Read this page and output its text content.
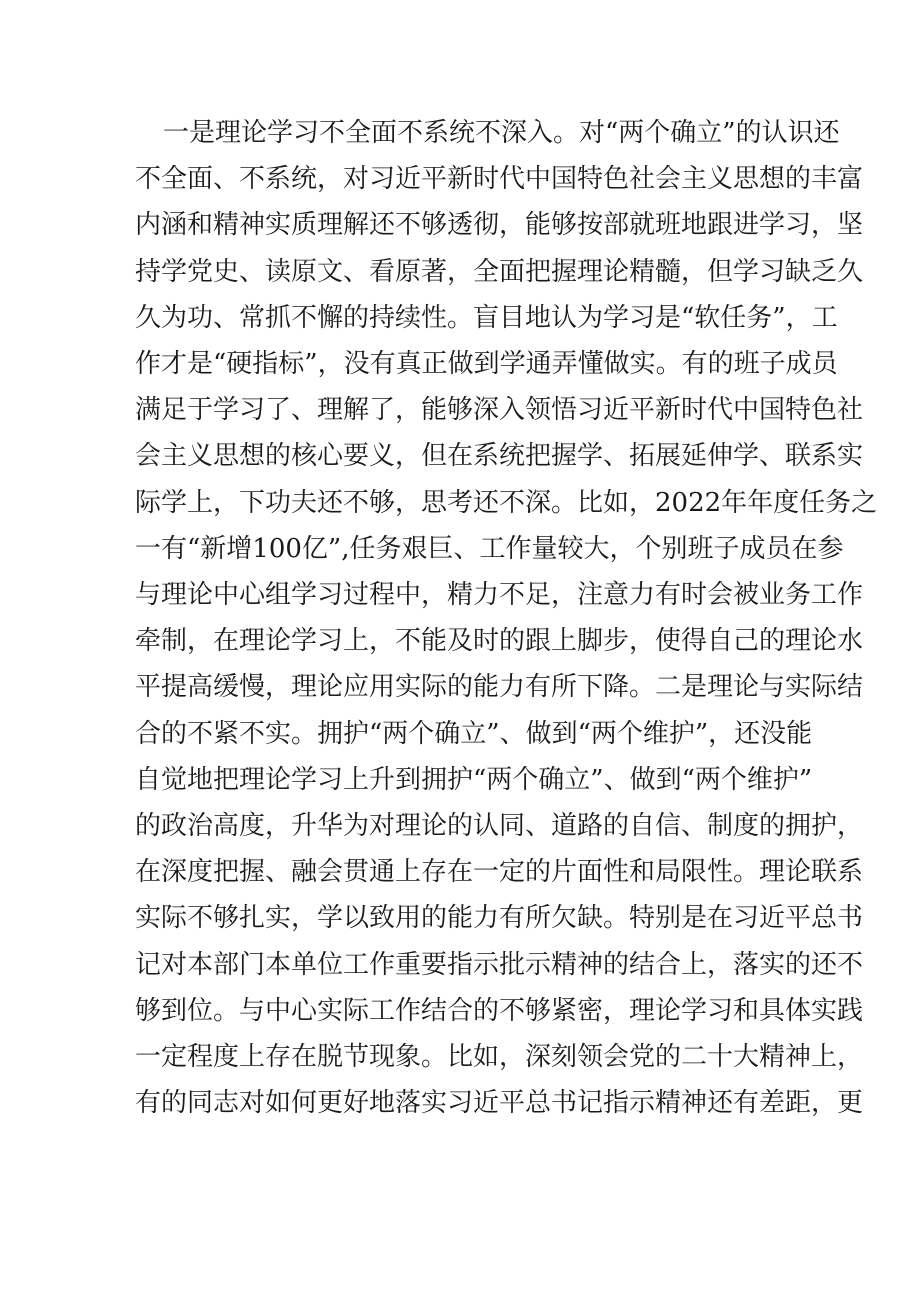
一是理论学习不全面不系统不深入。对“两个确立”的认识还
不全面、不系统，对习近平新时代中国特色社会主义思想的丰富
内涵和精神实质理解还不够透彻，能够按部就班地跟进学习，坚
持学党史、读原文、看原著，全面把握理论精髓，但学习缺乏久
久为功、常抓不懈的持续性。盲目地认为学习是“软任务”，工
作才是“硬指标”，没有真正做到学通弄懂做实。有的班子成员
满足于学习了、理解了，能够深入领悟习近平新时代中国特色社
会主义思想的核心要义，但在系统把握学、拓展延伸学、联系实
际学上，下功夫还不够，思考还不深。比如，2022年年度任务之
一有“新增100亿”,任务艰巨、工作量较大，个别班子成员在参
与理论中心组学习过程中，精力不足，注意力有时会被业务工作
牵制，在理论学习上，不能及时的跟上脚步，使得自己的理论水
平提高缓慢，理论应用实际的能力有所下降。二是理论与实际结
合的不紧不实。拥护“两个确立”、做到“两个维护”，还没能
自觉地把理论学习上升到拥护“两个确立”、做到“两个维护”
的政治高度，升华为对理论的认同、道路的自信、制度的拥护，
在深度把握、融会贯通上存在一定的片面性和局限性。理论联系
实际不够扎实，学以致用的能力有所欠缺。特别是在习近平总书
记对本部门本单位工作重要指示批示精神的结合上，落实的还不
够到位。与中心实际工作结合的不够紧密，理论学习和具体实践
一定程度上存在脱节现象。比如，深刻领会党的二十大精神上，
有的同志对如何更好地落实习近平总书记指示精神还有差距，更
